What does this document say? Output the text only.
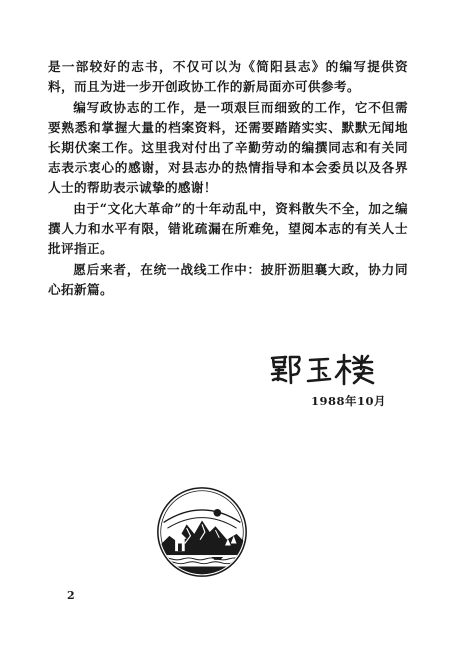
是一部较好的志书，不仅可以为《简阳县志》的编写提供资料，而且为进一步开创政协工作的新局面亦可供参考。

编写政协志的工作，是一项艰巨而细致的工作，它不但需要熟悉和掌握大量的档案资料，还需要踏踏实实、默默无闻地长期伏案工作。这里我对付出了辛勤劳动的编撰同志和有关同志表示衷心的感谢，对县志办的热情指导和本会委员以及各界人士的帮助表示诚挚的感谢！

由于“文化大革命”的十年动乱中，资料散失不全，加之编撰人力和水平有限，错讹疏漏在所难免，望阅本志的有关人士批评指正。

愿后来者，在统一战线工作中：披肝沥胆襄大政，协力同心拓新篇。

1988年10月
2
